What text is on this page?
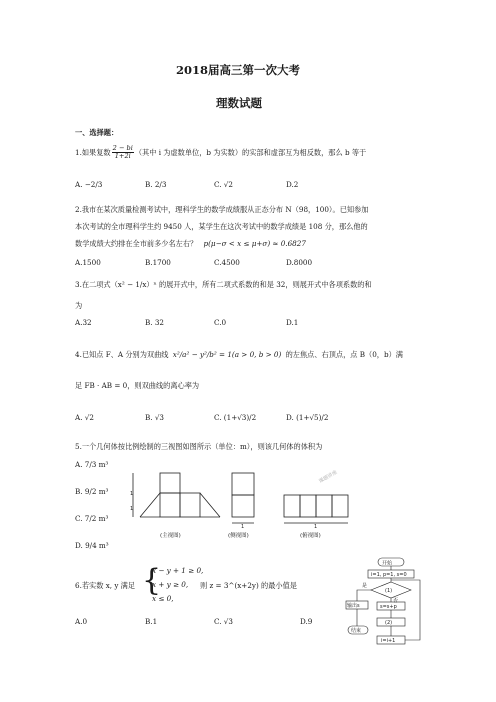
2018届高三第一次大考
理数试题
一、选择题：
1.如果复数 $\frac{2 - bi}{1+2i}$ （其中 i 为虚数单位，b 为实数）的实部和虚部互为相反数，那么 b 等于
A. −2/3	B. 2/3	C. √2	D.2
2.我市在某次质量检测考试中，理科学生的数学成绩服从正态分布 N（98，100）。已知参加
本次考试的全市理科学生约 9450 人，某学生在这次考试中的数学成绩是 108 分，那么他的
数学成绩大约排在全市前多少名左右？ p(μ−σ < x ≤ μ+σ) ≈ 0.6827
A.1500	B.1700	C.4500	D.8000
3.在二项式（x² − 1/x）ⁿ 的展开式中，所有二项式系数的和是 32，则展开式中各项系数的和
为
A.32	B. 32	C.0	D.1
4.已知点 F、A 分别为双曲线 x²/a² − y²/b² = 1(a > 0, b > 0) 的左焦点、右顶点，点 B（0，b）满
足 FB · AB = 0，则双曲线的离心率为
A. √2	B. √3	C. (1+√3)/2	D. (1+√5)/2
5.一个几何体按比例绘制的三视图如图所示（单位：m），则该几何体的体积为
A. 7/3 m³
B. 9/2 m³
C. 7/2 m³
D. 9/4 m³
1
1
1	1
(主视图)	(侧视图)	(俯视图)
课题讲座
6.若实数 x, y 满足 {
x − y + 1 ≥ 0,
x + y ≥ 0,
x ≤ 0,
则 z = 3^(x+2y) 的最小值是
A.0	B.1	C. √3	D.9
开始
i=1, p=1, s=0
(1)
s=s+p
输出s
(2)
结束
i=i+1
是
否
